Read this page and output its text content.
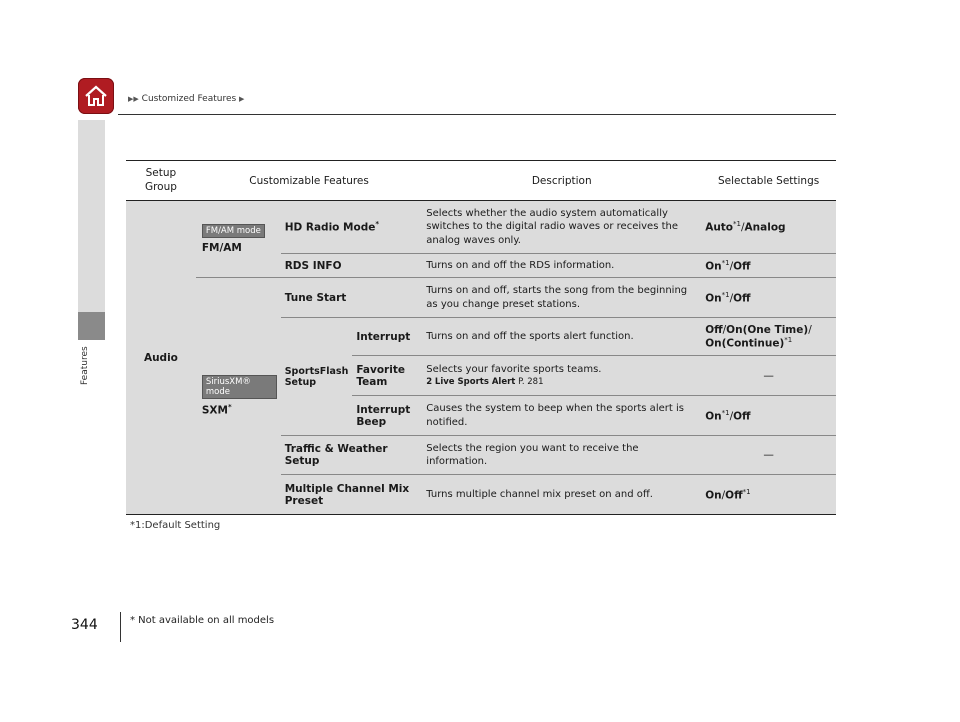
Features
▶▶ Customized Features ▶
Setup Group	Customizable Features			Description	Selectable Settings
Audio	FM/AM mode
FM/AM	HD Radio Mode*		Selects whether the audio system automatically switches to the digital radio waves or receives the analog waves only.	Auto$^{*1}$/Analog
		RDS INFO		Turns on and off the RDS information.	On$^{*1}$/Off

	SiriusXM® mode
SXM*	Tune Start		Turns on and off, starts the song from the beginning as you change preset stations.	On$^{*1}$/Off
		SportsFlash Setup	Interrupt	Turns on and off the sports alert function.	Off/On(One Time)/
On(Continue)$^{*1}$
			Favorite Team	Selects your favorite sports teams.
2 Live Sports Alert P. 281	—
			Interrupt Beep	Causes the system to beep when the sports alert is notified.	On$^{*1}$/Off
		Traffic & Weather Setup		Selects the region you want to receive the information.	—
		Multiple Channel Mix Preset		Turns multiple channel mix preset on and off.	On/Off$^{*1}$
*1:Default Setting
344	* Not available on all models
